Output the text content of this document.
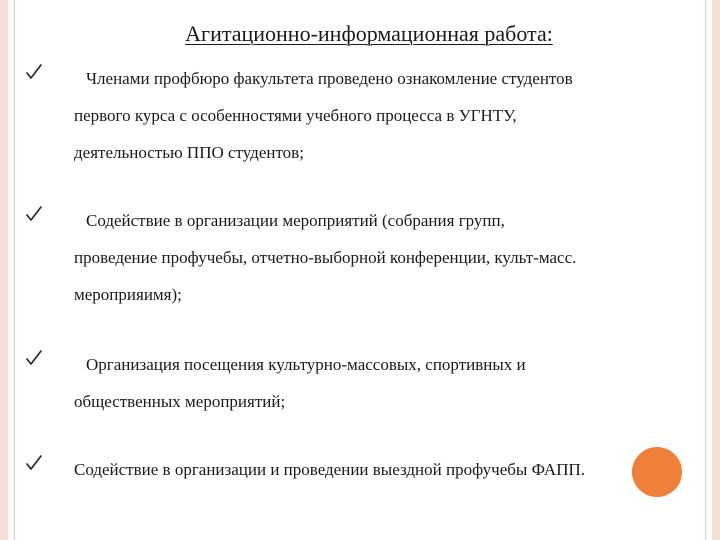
Агитационно-информационная работа:
Членами профбюро факультета проведено ознакомление студентов
первого курса с особенностями учебного процесса в УГНТУ,
деятельностью ППО студентов;
Содействие в организации мероприятий (собрания групп,
проведение профучебы, отчетно-выборной конференции, культ-масс.
мероприяимя);
Организация посещения культурно-массовых, спортивных и
общественных мероприятий;
Содействие в организации и проведении выездной профучебы ФАПП.
